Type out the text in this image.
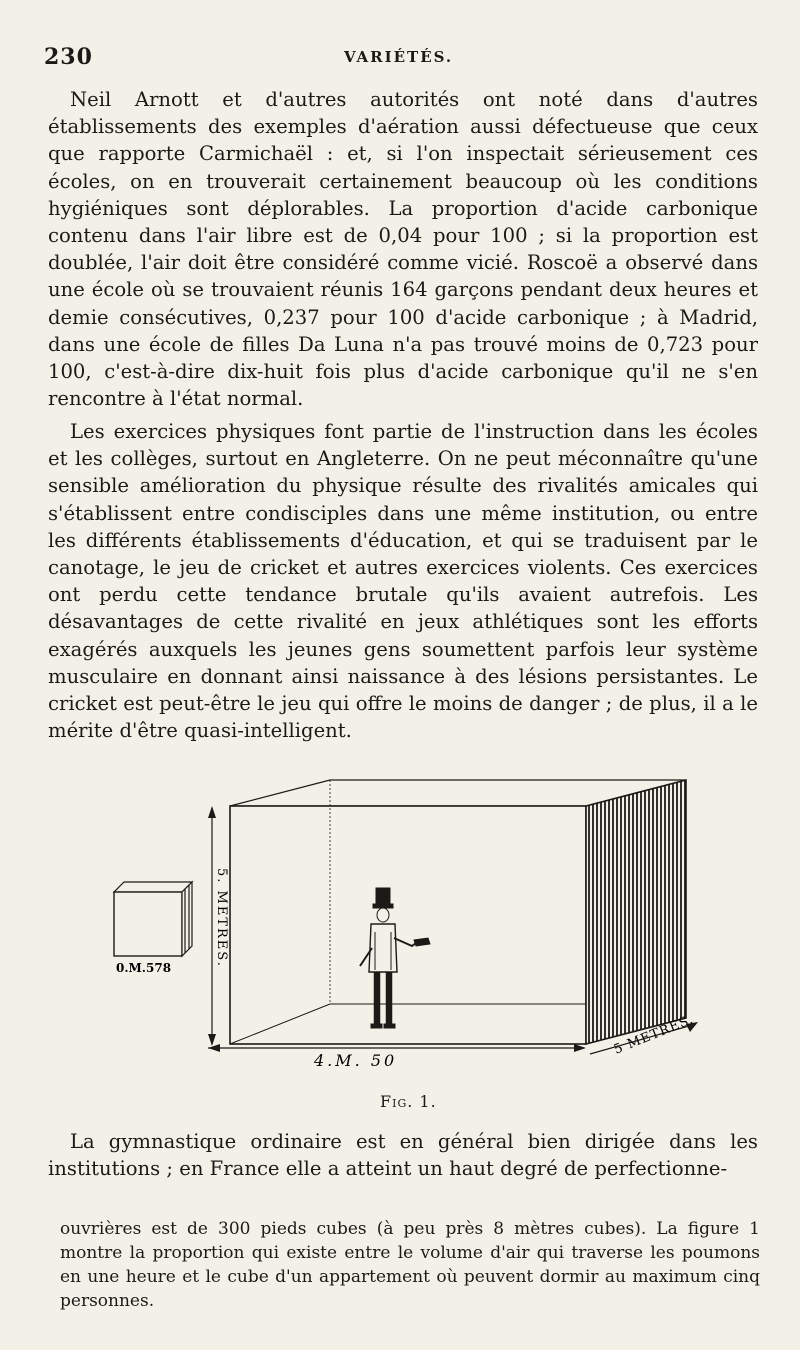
230	VARIÉTÉS.

Neil Arnott et d'autres autorités ont noté dans d'autres établissements des exemples d'aération aussi défectueuse que ceux que rapporte Carmichaël : et, si l'on inspectait sérieusement ces écoles, on en trouverait certainement beaucoup où les conditions hygiéniques sont déplorables. La proportion d'acide carbonique contenu dans l'air libre est de 0,04 pour 100 ; si la proportion est doublée, l'air doit être considéré comme vicié. Roscoë a observé dans une école où se trouvaient réunis 164 garçons pendant deux heures et demie consécutives, 0,237 pour 100 d'acide carbonique ; à Madrid, dans une école de filles Da Luna n'a pas trouvé moins de 0,723 pour 100, c'est-à-dire dix-huit fois plus d'acide carbonique qu'il ne s'en rencontre à l'état normal.

Les exercices physiques font partie de l'instruction dans les écoles et les collèges, surtout en Angleterre. On ne peut méconnaître qu'une sensible amélioration du physique résulte des rivalités amicales qui s'établissent entre condisciples dans une même institution, ou entre les différents établissements d'éducation, et qui se traduisent par le canotage, le jeu de cricket et autres exercices violents. Ces exercices ont perdu cette tendance brutale qu'ils avaient autrefois. Les désavantages de cette rivalité en jeux athlétiques sont les efforts exagérés auxquels les jeunes gens soumettent parfois leur système musculaire en donnant ainsi naissance à des lésions persistantes. Le cricket est peut-être le jeu qui offre le moins de danger ; de plus, il a le mérite d'être quasi-intelligent.

0.M.578
5. METRES.
5 METRES.
4.M. 50
Fig. 1.

La gymnastique ordinaire est en général bien dirigée dans les institutions ; en France elle a atteint un haut degré de perfectionne-

ouvrières est de 300 pieds cubes (à peu près 8 mètres cubes). La figure 1 montre la proportion qui existe entre le volume d'air qui traverse les poumons en une heure et le cube d'un appartement où peuvent dormir au maximum cinq personnes.
